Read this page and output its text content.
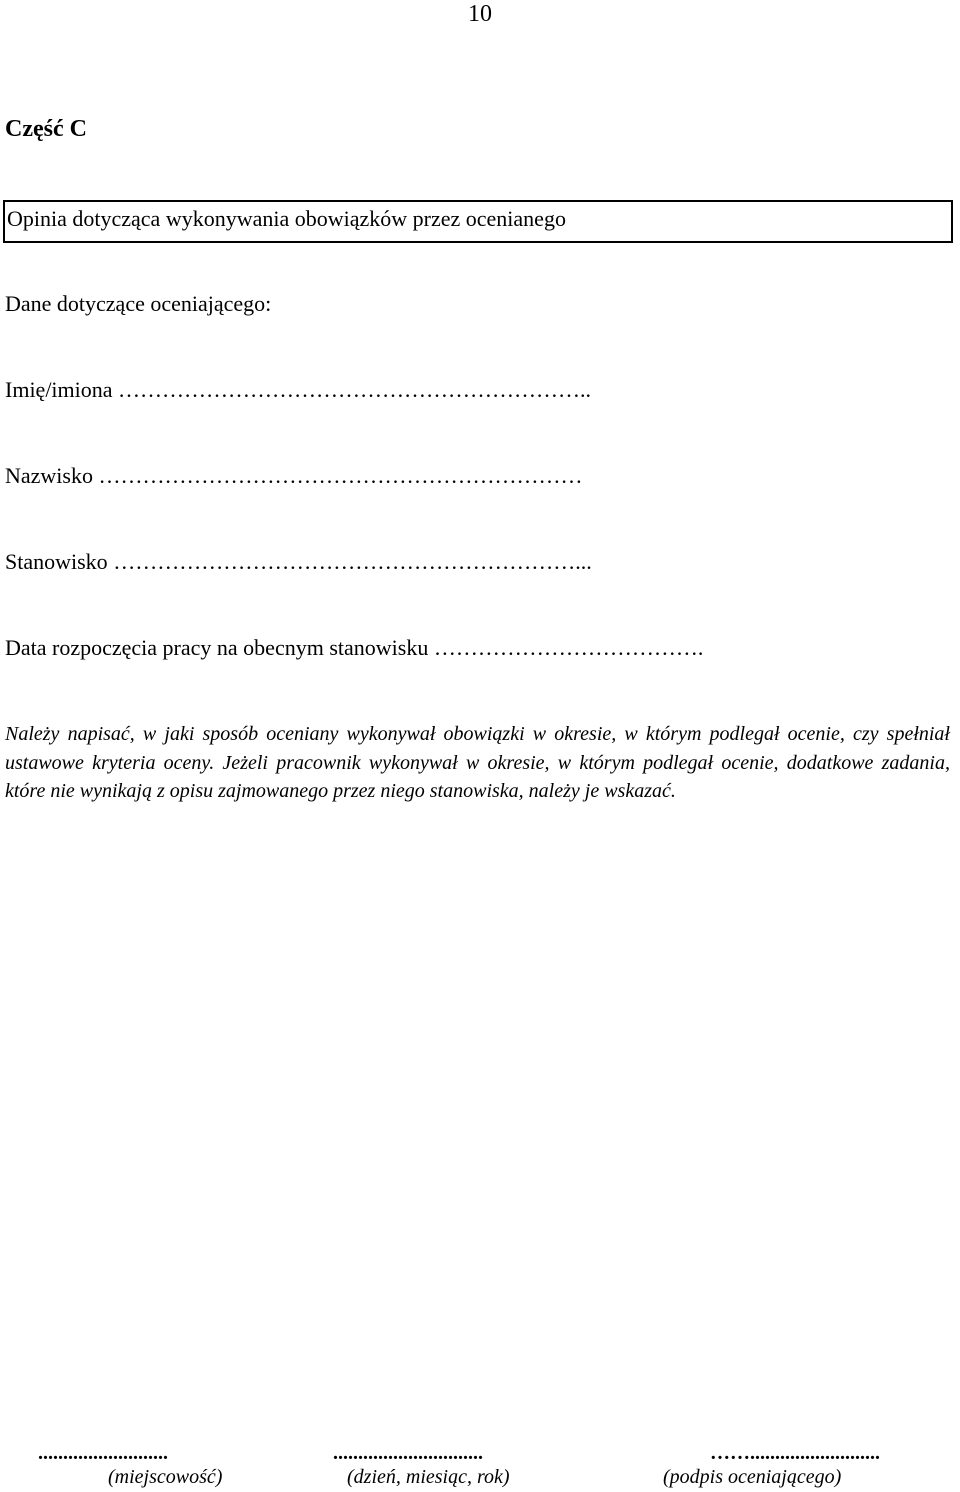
10
Część C
Opinia dotycząca wykonywania obowiązków przez ocenianego
Dane dotyczące oceniającego:
Imię/imiona ………………………………………………………..
Nazwisko …………………………………………………………
Stanowisko ………………………………………………………...
Data rozpoczęcia pracy na obecnym stanowisku ……………………………….
Należy napisać, w jaki sposób oceniany wykonywał obowiązki w okresie, w którym podlegał ocenie, czy spełniał ustawowe kryteria oceny. Jeżeli pracownik wykonywał w okresie, w którym podlegał ocenie, dodatkowe zadania, które nie wynikają z opisu zajmowanego przez niego stanowiska, należy je wskazać.
..........................
(miejscowość)
..............................
(dzień, miesiąc, rok)
……..........................
(podpis oceniającego)
